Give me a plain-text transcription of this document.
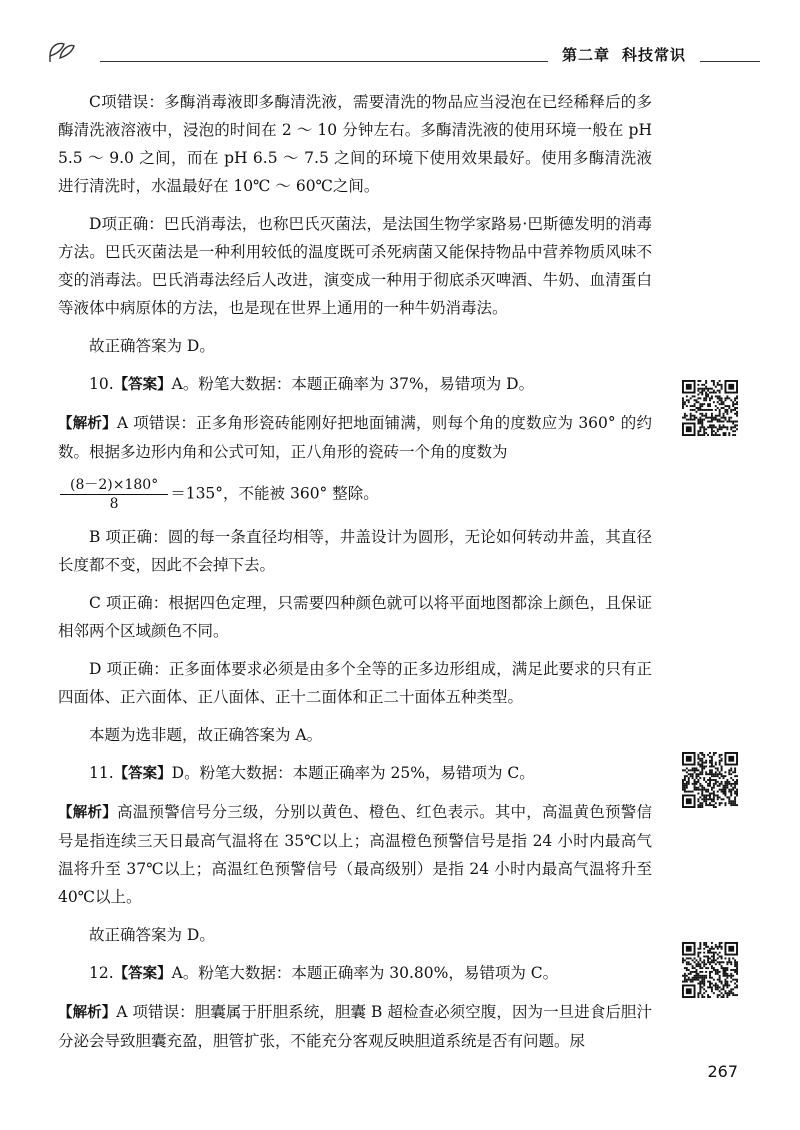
第二章 科技常识

C项错误：多酶消毒液即多酶清洗液，需要清洗的物品应当浸泡在已经稀释后的多酶清洗液溶液中，浸泡的时间在 2 ～ 10 分钟左右。多酶清洗液的使用环境一般在 pH 5.5 ～ 9.0 之间，而在 pH 6.5 ～ 7.5 之间的环境下使用效果最好。使用多酶清洗液进行清洗时，水温最好在 10℃ ～ 60℃之间。

D项正确：巴氏消毒法，也称巴氏灭菌法，是法国生物学家路易·巴斯德发明的消毒方法。巴氏灭菌法是一种利用较低的温度既可杀死病菌又能保持物品中营养物质风味不变的消毒法。巴氏消毒法经后人改进，演变成一种用于彻底杀灭啤酒、牛奶、血清蛋白等液体中病原体的方法，也是现在世界上通用的一种牛奶消毒法。

故正确答案为 D。

10.【答案】A。粉笔大数据：本题正确率为 37%，易错项为 D。

【解析】A 项错误：正多角形瓷砖能刚好把地面铺满，则每个角的度数应为 360° 的约数。根据多边形内角和公式可知，正八角形的瓷砖一个角的度数为

$\frac{(8-2)\times 180^\circ}{8} =135^\circ$，不能被 360° 整除。

B 项正确：圆的每一条直径均相等，井盖设计为圆形，无论如何转动井盖，其直径长度都不变，因此不会掉下去。

C 项正确：根据四色定理，只需要四种颜色就可以将平面地图都涂上颜色，且保证相邻两个区域颜色不同。

D 项正确：正多面体要求必须是由多个全等的正多边形组成，满足此要求的只有正四面体、正六面体、正八面体、正十二面体和正二十面体五种类型。

本题为选非题，故正确答案为 A。

11.【答案】D。粉笔大数据：本题正确率为 25%，易错项为 C。

【解析】高温预警信号分三级，分别以黄色、橙色、红色表示。其中，高温黄色预警信号是指连续三天日最高气温将在 35℃以上；高温橙色预警信号是指 24 小时内最高气温将升至 37℃以上；高温红色预警信号（最高级别）是指 24 小时内最高气温将升至 40℃以上。

故正确答案为 D。

12.【答案】A。粉笔大数据：本题正确率为 30.80%，易错项为 C。

【解析】A 项错误：胆囊属于肝胆系统，胆囊 B 超检查必须空腹，因为一旦进食后胆汁分泌会导致胆囊充盈，胆管扩张，不能充分客观反映胆道系统是否有问题。尿

267
